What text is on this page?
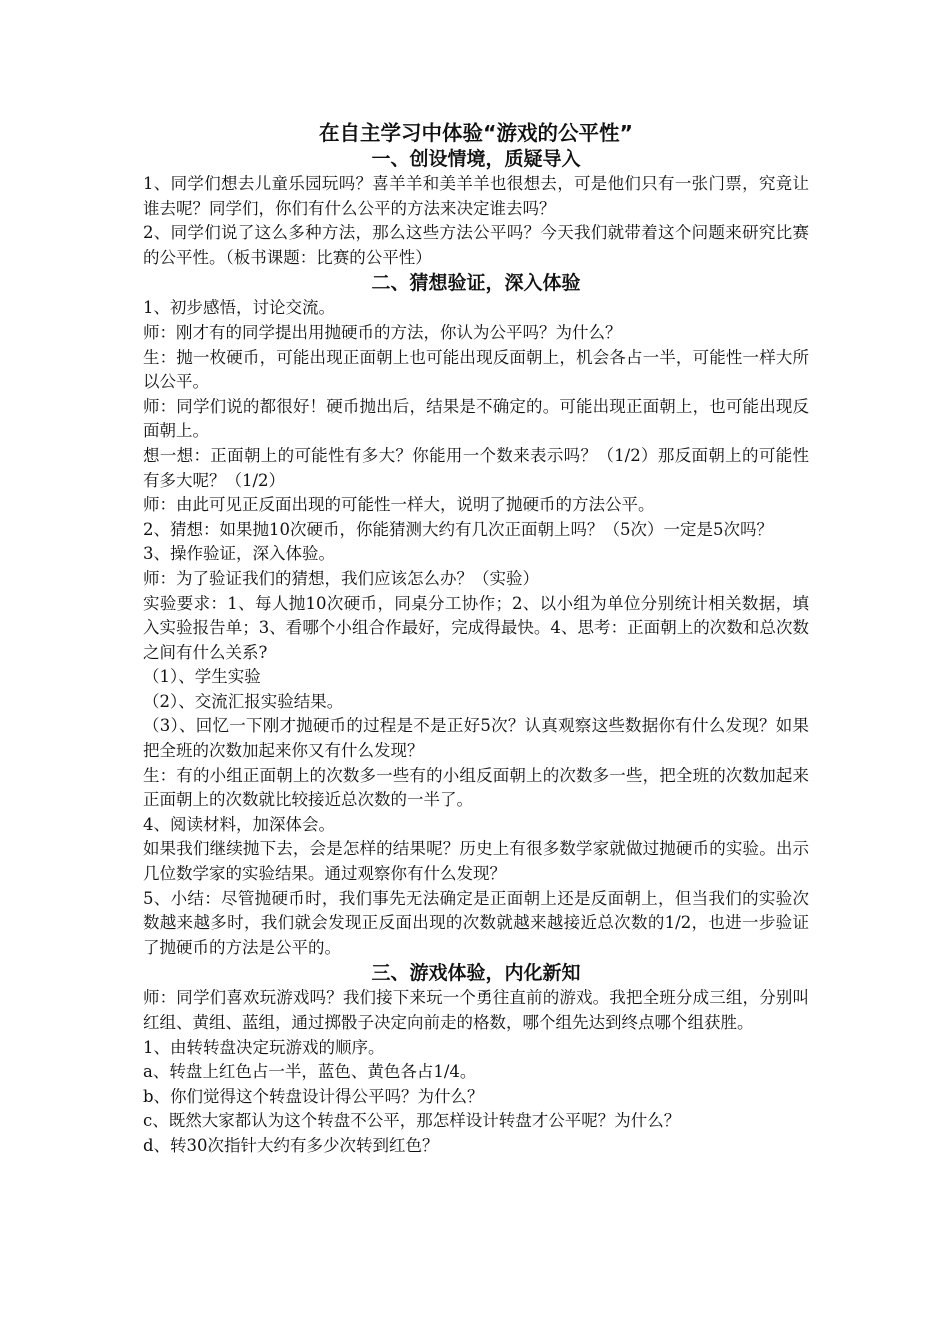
在自主学习中体验“游戏的公平性”
一、创设情境，质疑导入

1、同学们想去儿童乐园玩吗？喜羊羊和美羊羊也很想去，可是他们只有一张门票，究竟让谁去呢？同学们，你们有什么公平的方法来决定谁去吗？

2、同学们说了这么多种方法，那么这些方法公平吗？今天我们就带着这个问题来研究比赛的公平性。（板书课题：比赛的公平性）

二、猜想验证，深入体验

1、初步感悟，讨论交流。

师：刚才有的同学提出用抛硬币的方法，你认为公平吗？为什么？

生：抛一枚硬币，可能出现正面朝上也可能出现反面朝上，机会各占一半，可能性一样大所以公平。

师：同学们说的都很好！硬币抛出后，结果是不确定的。可能出现正面朝上，也可能出现反面朝上。

想一想：正面朝上的可能性有多大？你能用一个数来表示吗？（1/2）那反面朝上的可能性有多大呢？（1/2）

师：由此可见正反面出现的可能性一样大，说明了抛硬币的方法公平。

2、猜想：如果抛10次硬币，你能猜测大约有几次正面朝上吗？（5次）一定是5次吗？

3、操作验证，深入体验。

师：为了验证我们的猜想，我们应该怎么办？（实验）

实验要求：1、每人抛10次硬币，同桌分工协作；2、以小组为单位分别统计相关数据，填入实验报告单；3、看哪个小组合作最好，完成得最快。4、思考：正面朝上的次数和总次数之间有什么关系?

（1）、学生实验

（2）、交流汇报实验结果。

（3）、回忆一下刚才抛硬币的过程是不是正好5次？认真观察这些数据你有什么发现？如果把全班的次数加起来你又有什么发现？

生：有的小组正面朝上的次数多一些有的小组反面朝上的次数多一些，把全班的次数加起来正面朝上的次数就比较接近总次数的一半了。

4、阅读材料，加深体会。

如果我们继续抛下去，会是怎样的结果呢？历史上有很多数学家就做过抛硬币的实验。出示几位数学家的实验结果。通过观察你有什么发现？

5、小结：尽管抛硬币时，我们事先无法确定是正面朝上还是反面朝上，但当我们的实验次数越来越多时，我们就会发现正反面出现的次数就越来越接近总次数的1/2，也进一步验证了抛硬币的方法是公平的。

三、游戏体验，内化新知

师：同学们喜欢玩游戏吗？我们接下来玩一个勇往直前的游戏。我把全班分成三组，分别叫红组、黄组、蓝组，通过掷骰子决定向前走的格数，哪个组先达到终点哪个组获胜。

1、由转转盘决定玩游戏的顺序。

a、转盘上红色占一半，蓝色、黄色各占1/4。

b、你们觉得这个转盘设计得公平吗？为什么？

c、既然大家都认为这个转盘不公平，那怎样设计转盘才公平呢？为什么？

d、转30次指针大约有多少次转到红色？
